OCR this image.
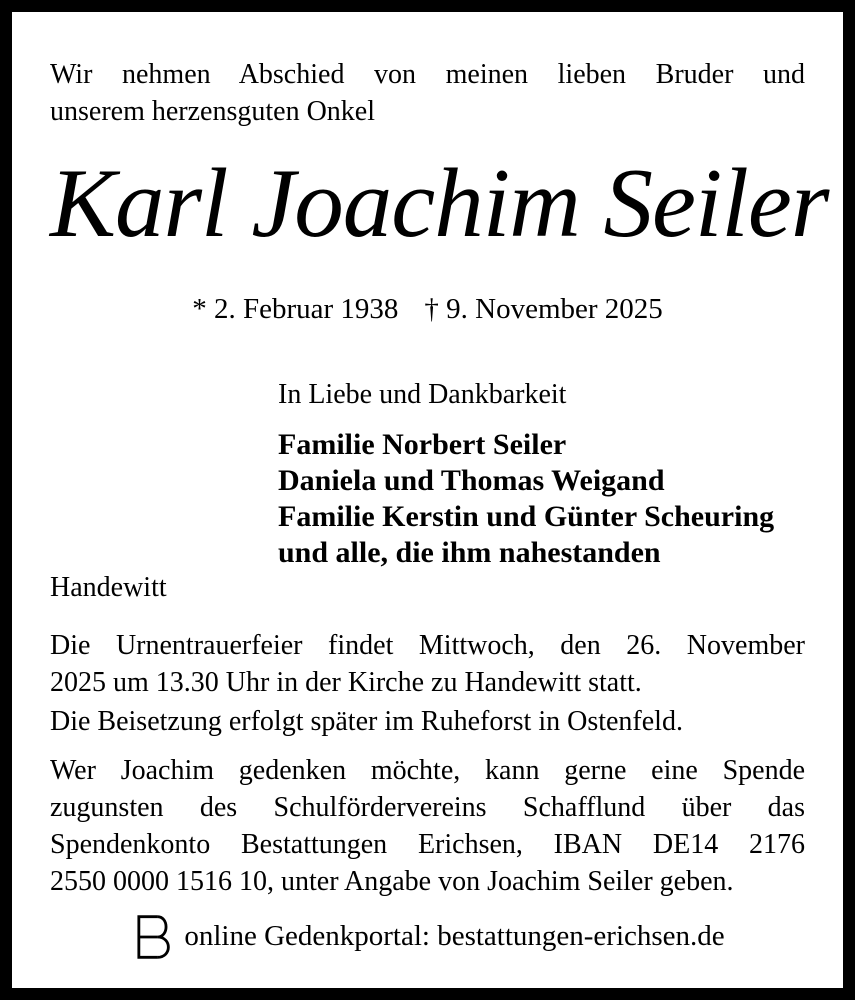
Wir nehmen Abschied von meinen lieben Bruder und
unserem herzensguten Onkel
Karl Joachim Seiler
* 2. Februar 1938 † 9. November 2025
In Liebe und Dankbarkeit
Familie Norbert Seiler
Daniela und Thomas Weigand
Familie Kerstin und Günter Scheuring
und alle, die ihm nahestanden
Handewitt
Die Urnentrauerfeier findet Mittwoch, den 26. November
2025 um 13.30 Uhr in der Kirche zu Handewitt statt.
Die Beisetzung erfolgt später im Ruheforst in Ostenfeld.
Wer Joachim gedenken möchte, kann gerne eine Spende
zugunsten des Schulfördervereins Schafflund über das
Spendenkonto Bestattungen Erichsen, IBAN DE14 2176
2550 0000 1516 10, unter Angabe von Joachim Seiler geben.
online Gedenkportal: bestattungen-erichsen.de
